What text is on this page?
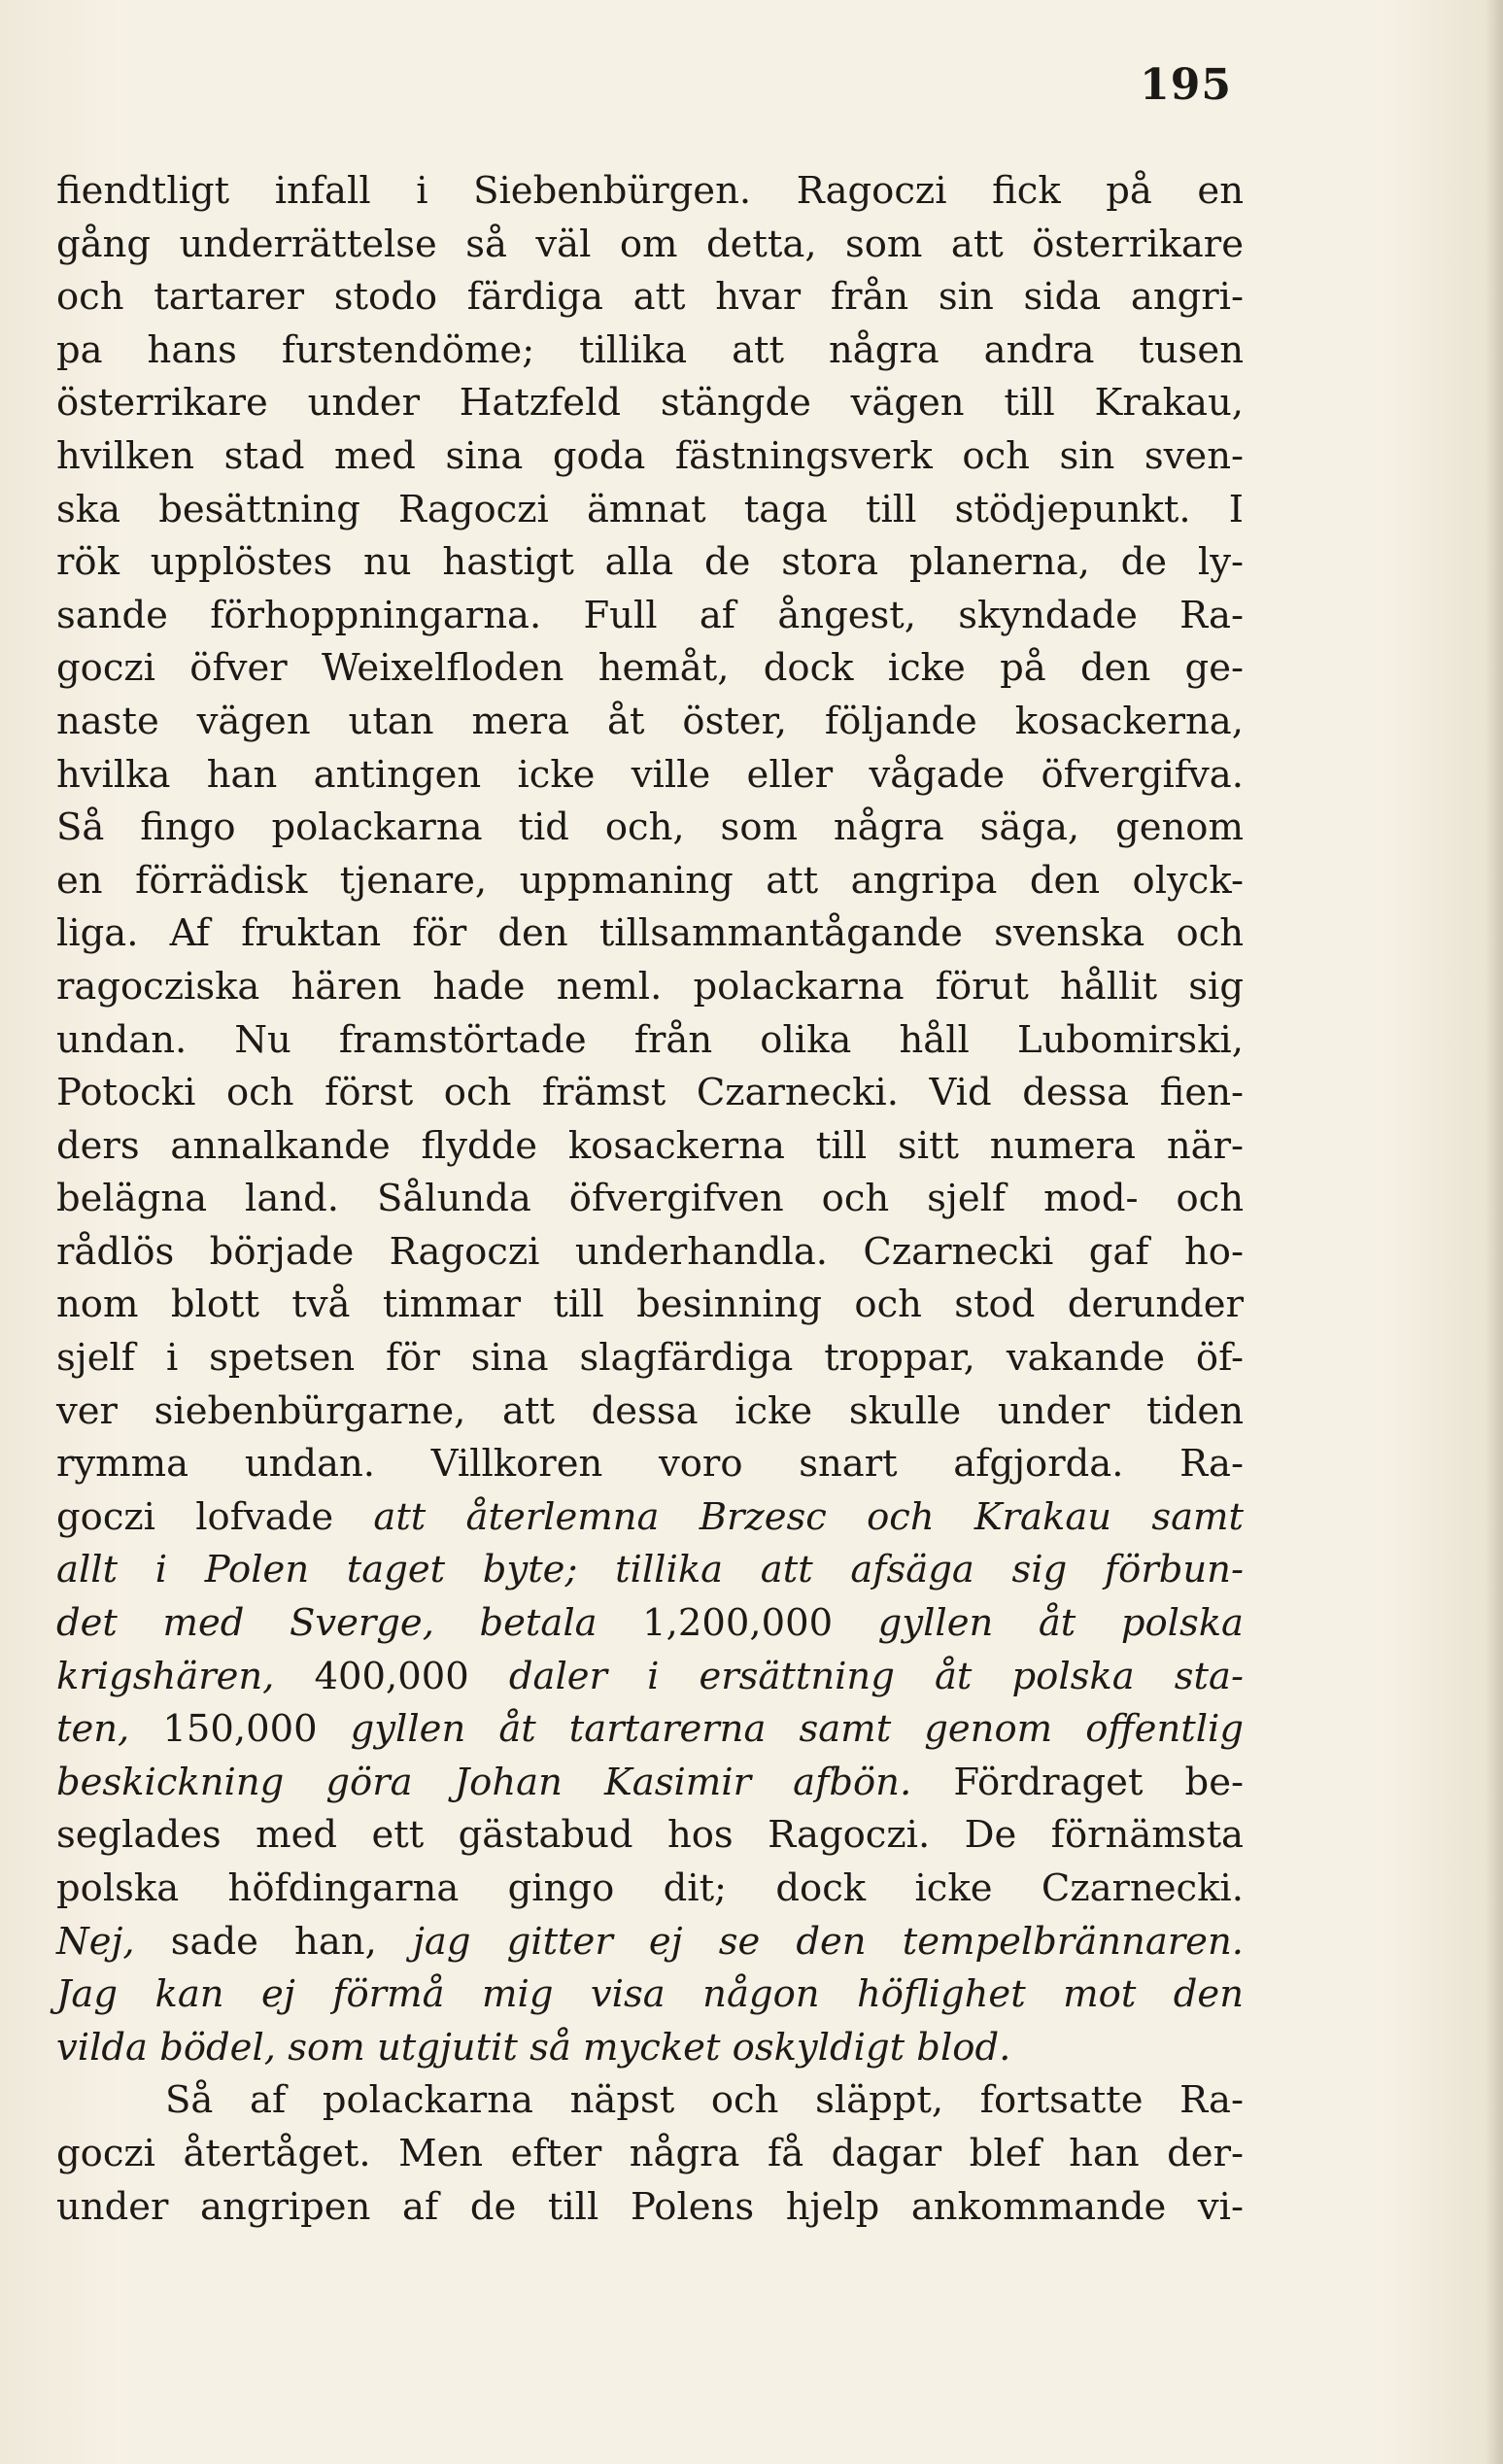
195
fiendtligt infall i Siebenbürgen. Ragoczi fick på en
gång underrättelse så väl om detta, som att österrikare
och tartarer stodo färdiga att hvar från sin sida angri-
pa hans furstendöme; tillika att några andra tusen
österrikare under Hatzfeld stängde vägen till Krakau,
hvilken stad med sina goda fästningsverk och sin sven-
ska besättning Ragoczi ämnat taga till stödjepunkt. I
rök upplöstes nu hastigt alla de stora planerna, de ly-
sande förhoppningarna. Full af ångest, skyndade Ra-
goczi öfver Weixelfloden hemåt, dock icke på den ge-
naste vägen utan mera åt öster, följande kosackerna,
hvilka han antingen icke ville eller vågade öfvergifva.
Så fingo polackarna tid och, som några säga, genom
en förrädisk tjenare, uppmaning att angripa den olyck-
liga. Af fruktan för den tillsammantågande svenska och
ragocziska hären hade neml. polackarna förut hållit sig
undan. Nu framstörtade från olika håll Lubomirski,
Potocki och först och främst Czarnecki. Vid dessa fien-
ders annalkande flydde kosackerna till sitt numera när-
belägna land. Sålunda öfvergifven och sjelf mod- och
rådlös började Ragoczi underhandla. Czarnecki gaf ho-
nom blott två timmar till besinning och stod derunder
sjelf i spetsen för sina slagfärdiga troppar, vakande öf-
ver siebenbürgarne, att dessa icke skulle under tiden
rymma undan. Villkoren voro snart afgjorda. Ra-
goczi lofvade att återlemna Brzesc och Krakau samt
allt i Polen taget byte; tillika att afsäga sig förbun-
det med Sverge, betala 1,200,000 gyllen åt polska
krigshären, 400,000 daler i ersättning åt polska sta-
ten, 150,000 gyllen åt tartarerna samt genom offentlig
beskickning göra Johan Kasimir afbön. Fördraget be-
seglades med ett gästabud hos Ragoczi. De förnämsta
polska höfdingarna gingo dit; dock icke Czarnecki.
Nej, sade han, jag gitter ej se den tempelbrännaren.
Jag kan ej förmå mig visa någon höflighet mot den
vilda bödel, som utgjutit så mycket oskyldigt blod.
Så af polackarna näpst och släppt, fortsatte Ra-
goczi återtåget. Men efter några få dagar blef han der-
under angripen af de till Polens hjelp ankommande vi-
